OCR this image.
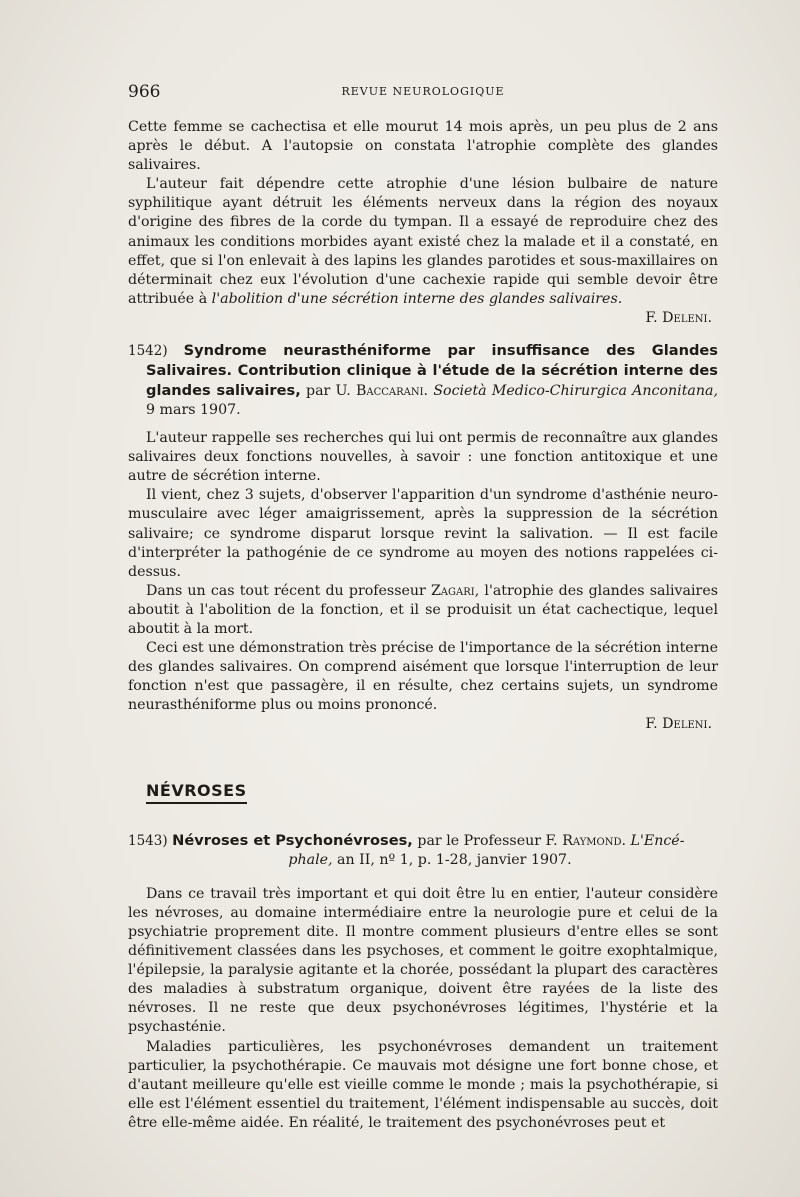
966	REVUE NEUROLOGIQUE

Cette femme se cachectisa et elle mourut 14 mois après, un peu plus de 2 ans après le début. A l'autopsie on constata l'atrophie complète des glandes salivaires.

L'auteur fait dépendre cette atrophie d'une lésion bulbaire de nature syphilitique ayant détruit les éléments nerveux dans la région des noyaux d'origine des fibres de la corde du tympan. Il a essayé de reproduire chez des animaux les conditions morbides ayant existé chez la malade et il a constaté, en effet, que si l'on enlevait à des lapins les glandes parotides et sous-maxillaires on déterminait chez eux l'évolution d'une cachexie rapide qui semble devoir être attribuée à l'abolition d'une sécrétion interne des glandes salivaires.

F. Deleni.

1542) Syndrome neurasthéniforme par insuffisance des Glandes Salivaires. Contribution clinique à l'étude de la sécrétion interne des glandes salivaires, par U. Baccarani. Società Medico-Chirurgica Anconitana, 9 mars 1907.

L'auteur rappelle ses recherches qui lui ont permis de reconnaître aux glandes salivaires deux fonctions nouvelles, à savoir : une fonction antitoxique et une autre de sécrétion interne.

Il vient, chez 3 sujets, d'observer l'apparition d'un syndrome d'asthénie neuro-musculaire avec léger amaigrissement, après la suppression de la sécrétion salivaire; ce syndrome disparut lorsque revint la salivation. — Il est facile d'interpréter la pathogénie de ce syndrome au moyen des notions rappelées ci-dessus.

Dans un cas tout récent du professeur Zagari, l'atrophie des glandes salivaires aboutit à l'abolition de la fonction, et il se produisit un état cachectique, lequel aboutit à la mort.

Ceci est une démonstration très précise de l'importance de la sécrétion interne des glandes salivaires. On comprend aisément que lorsque l'interruption de leur fonction n'est que passagère, il en résulte, chez certains sujets, un syndrome neurasthéniforme plus ou moins prononcé.

F. Deleni.

NÉVROSES
1543) Névroses et Psychonévroses, par le Professeur F. Raymond. L'Encé-
phale, an II, nº 1, p. 1-28, janvier 1907.

Dans ce travail très important et qui doit être lu en entier, l'auteur considère les névroses, au domaine intermédiaire entre la neurologie pure et celui de la psychiatrie proprement dite. Il montre comment plusieurs d'entre elles se sont définitivement classées dans les psychoses, et comment le goitre exophtalmique, l'épilepsie, la paralysie agitante et la chorée, possédant la plupart des caractères des maladies à substratum organique, doivent être rayées de la liste des névroses. Il ne reste que deux psychonévroses légitimes, l'hystérie et la psychasténie.

Maladies particulières, les psychonévroses demandent un traitement particulier, la psychothérapie. Ce mauvais mot désigne une fort bonne chose, et d'autant meilleure qu'elle est vieille comme le monde ; mais la psychothérapie, si elle est l'élément essentiel du traitement, l'élément indispensable au succès, doit être elle-même aidée. En réalité, le traitement des psychonévroses peut et
